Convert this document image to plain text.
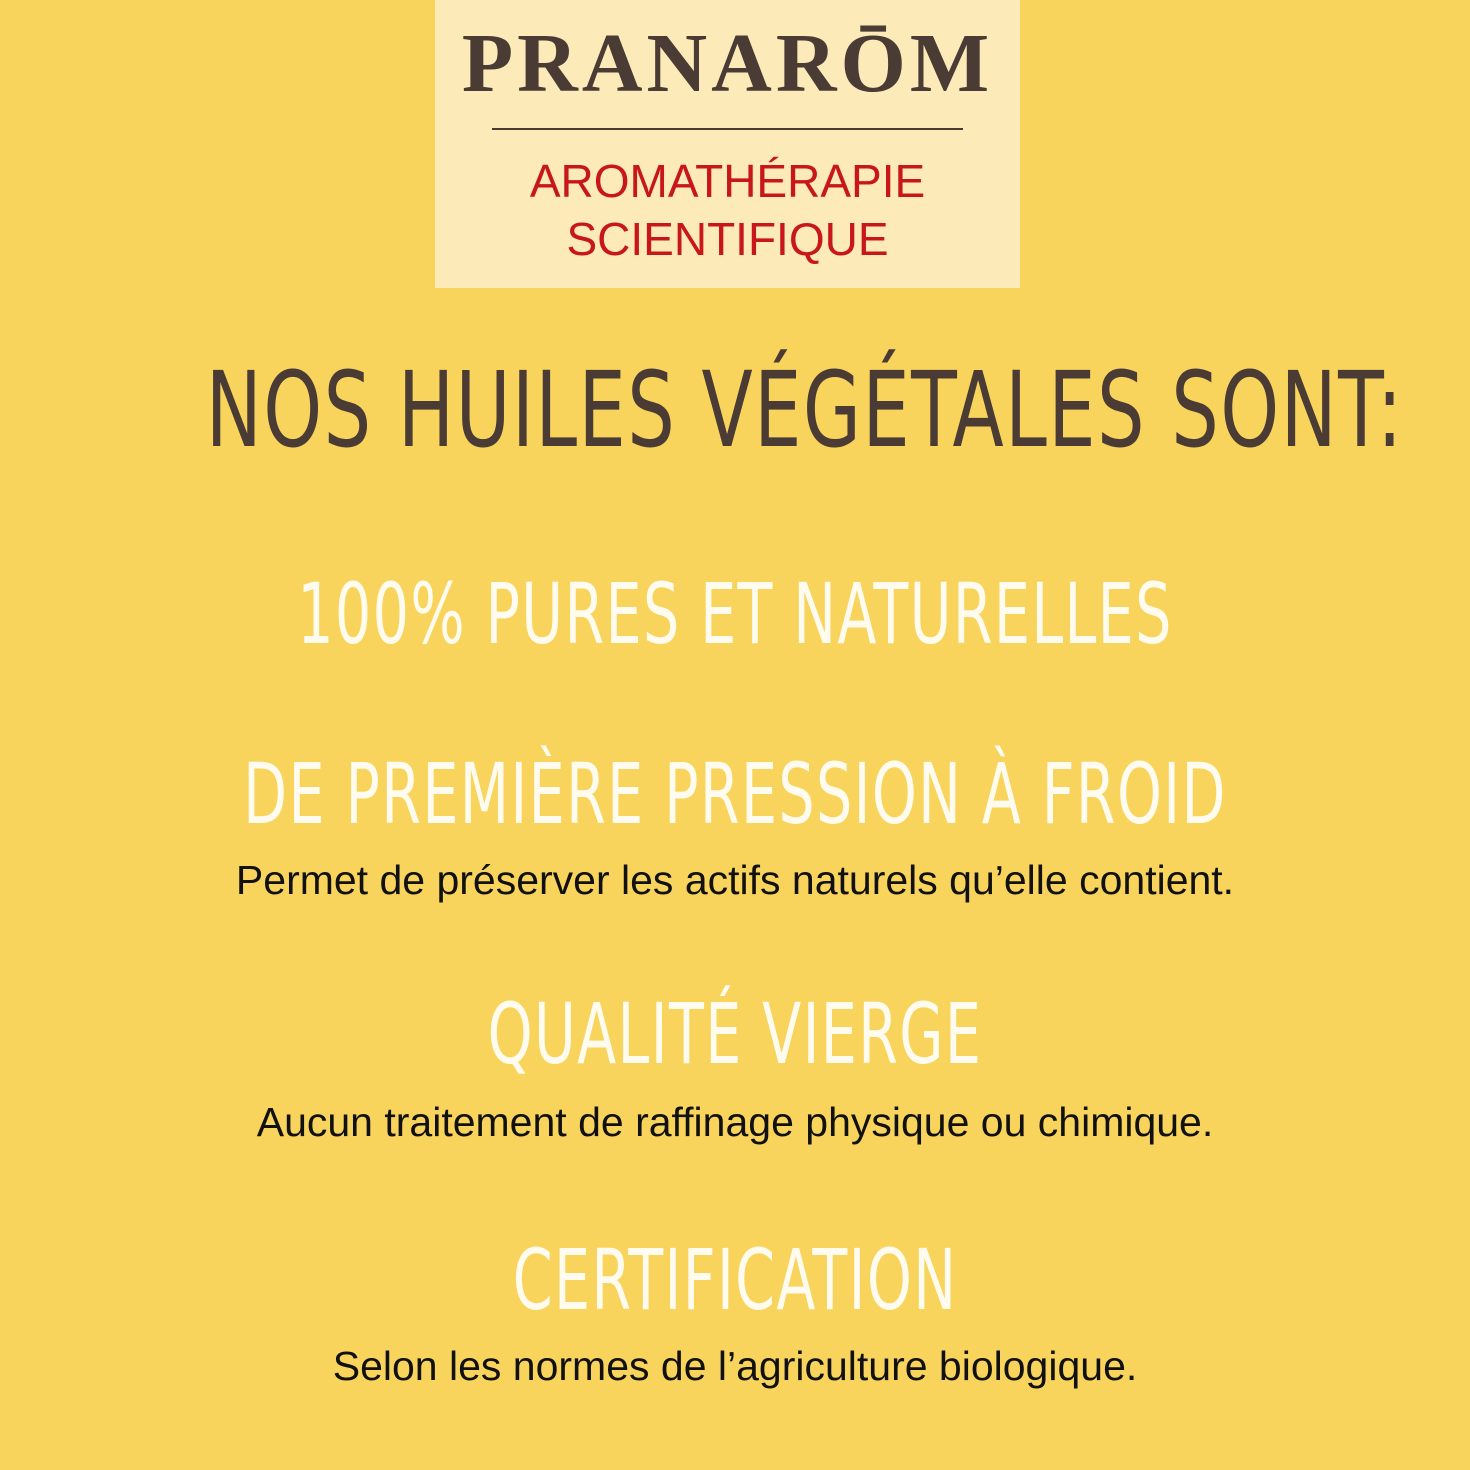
PRANARŌM
AROMATHÉRAPIE
SCIENTIFIQUE
NOS HUILES VÉGÉTALES SONT:
100% PURES ET NATURELLES
DE PREMIÈRE PRESSION À FROID
Permet de préserver les actifs naturels qu’elle contient.
QUALITÉ VIERGE
Aucun traitement de raffinage physique ou chimique.
CERTIFICATION
Selon les normes de l’agriculture biologique.
